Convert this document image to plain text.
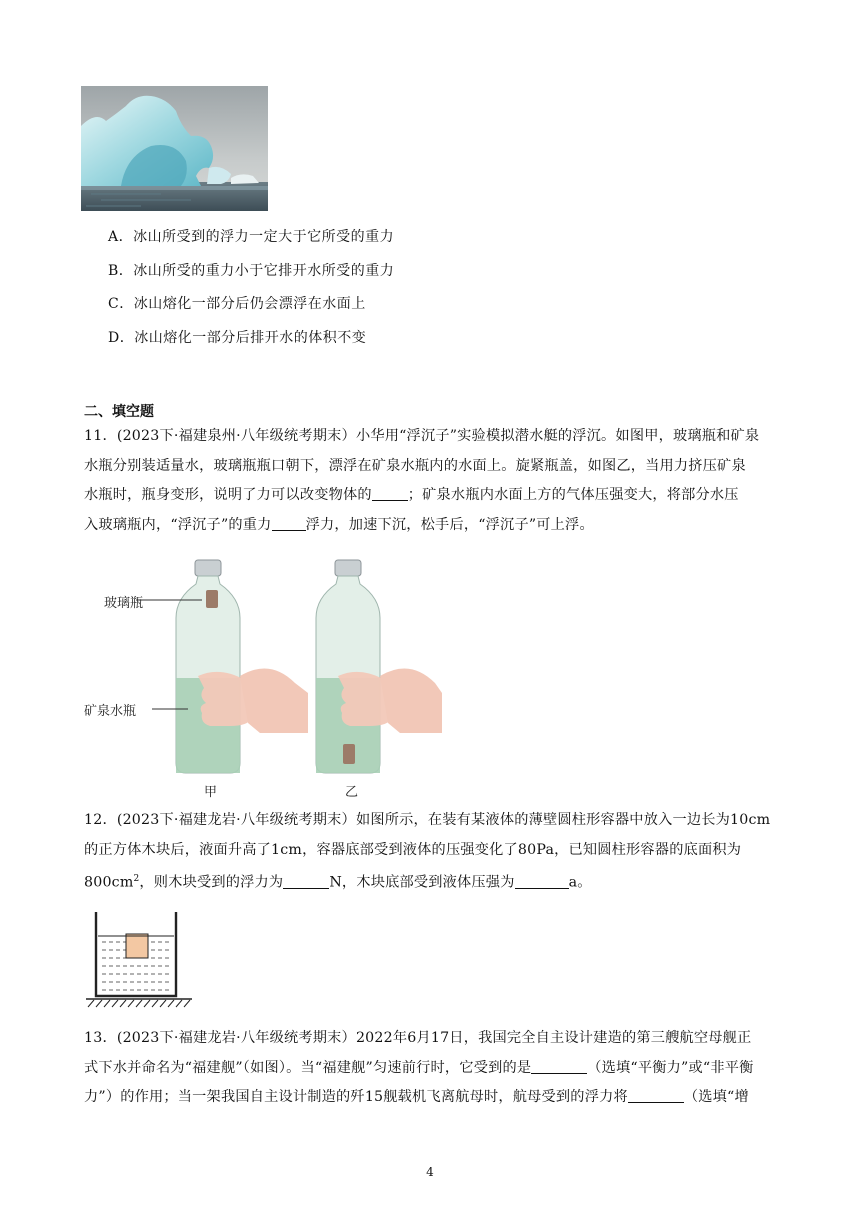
A．冰山所受到的浮力一定大于它所受的重力
B．冰山所受的重力小于它排开水所受的重力
C．冰山熔化一部分后仍会漂浮在水面上
D．冰山熔化一部分后排开水的体积不变
二、填空题
11．(2023下·福建泉州·八年级统考期末）小华用“浮沉子”实验模拟潜水艇的浮沉。如图甲，玻璃瓶和矿泉
水瓶分别装适量水，玻璃瓶瓶口朝下，漂浮在矿泉水瓶内的水面上。旋紧瓶盖，如图乙，当用力挤压矿泉
水瓶时，瓶身变形，说明了力可以改变物体的	；矿泉水瓶内水面上方的气体压强变大，将部分水压
入玻璃瓶内，“浮沉子”的重力 浮力，加速下沉，松手后，“浮沉子”可上浮。
玻璃瓶
矿泉水瓶
甲	乙
12．(2023下·福建龙岩·八年级统考期末）如图所示，在装有某液体的薄壁圆柱形容器中放入一边长为10cm
的正方体木块后，液面升高了1cm，容器底部受到液体的压强变化了80Pa，已知圆柱形容器的底面积为
$800cm^2$，则木块受到的浮力为	N，木块底部受到液体压强为	a。
13．(2023下·福建龙岩·八年级统考期末）2022年6月17日，我国完全自主设计建造的第三艘航空母舰正
式下水并命名为“福建舰”（如图）。当“福建舰”匀速前行时，它受到的是	（选填“平衡力”或“非平衡
力”）的作用；当一架我国自主设计制造的歼15舰载机飞离航母时，航母受到的浮力将	（选填“增
4
